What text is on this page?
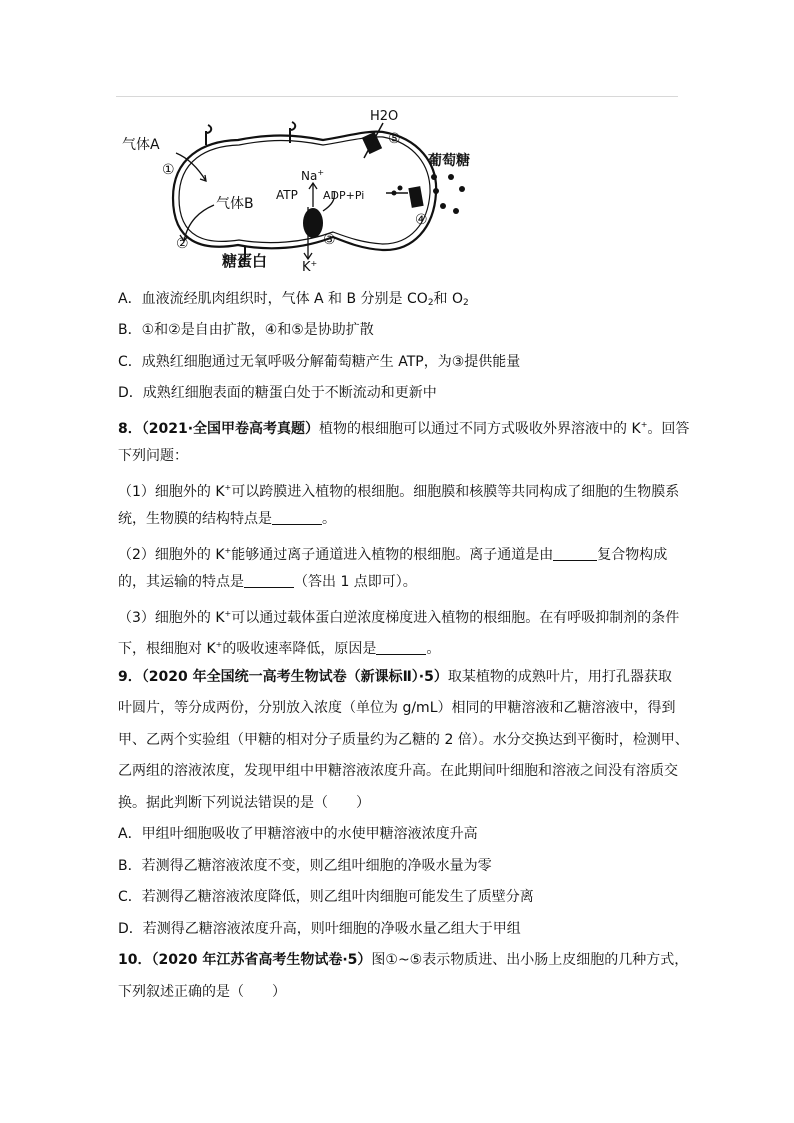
H2O
⑤
葡萄糖
④
Na+
ATP ADP+Pi
K+
③
气体A
①
气体B
②
糖蛋白
A．血液流经肌肉组织时，气体 A 和 B 分别是 $CO_2$和 $O_2$
B．①和②是自由扩散，④和⑤是协助扩散
C．成熟红细胞通过无氧呼吸分解葡萄糖产生 ATP，为③提供能量
D．成熟红细胞表面的糖蛋白处于不断流动和更新中
8．（2021·全国甲卷高考真题）植物的根细胞可以通过不同方式吸收外界溶液中的 K+。回答
下列问题：
（1）细胞外的 K+可以跨膜进入植物的根细胞。细胞膜和核膜等共同构成了细胞的生物膜系
统，生物膜的结构特点是	。
（2）细胞外的 K+能够通过离子通道进入植物的根细胞。离子通道是由	复合物构成
的，其运输的特点是	（答出 1 点即可）。
（3）细胞外的 K+可以通过载体蛋白逆浓度梯度进入植物的根细胞。在有呼吸抑制剂的条件
下，根细胞对 K+的吸收速率降低，原因是	。
9．（2020 年全国统一高考生物试卷（新课标Ⅱ）·5）取某植物的成熟叶片，用打孔器获取
叶圆片，等分成两份，分别放入浓度（单位为 g/mL）相同的甲糖溶液和乙糖溶液中，得到
甲、乙两个实验组（甲糖的相对分子质量约为乙糖的 2 倍）。水分交换达到平衡时，检测甲、
乙两组的溶液浓度，发现甲组中甲糖溶液浓度升高。在此期间叶细胞和溶液之间没有溶质交
换。据此判断下列说法错误的是（　　）
A．甲组叶细胞吸收了甲糖溶液中的水使甲糖溶液浓度升高
B．若测得乙糖溶液浓度不变，则乙组叶细胞的净吸水量为零
C．若测得乙糖溶液浓度降低，则乙组叶肉细胞可能发生了质壁分离
D．若测得乙糖溶液浓度升高，则叶细胞的净吸水量乙组大于甲组
10．（2020 年江苏省高考生物试卷·5）图①~⑤表示物质进、出小肠上皮细胞的几种方式，
下列叙述正确的是（　　）
